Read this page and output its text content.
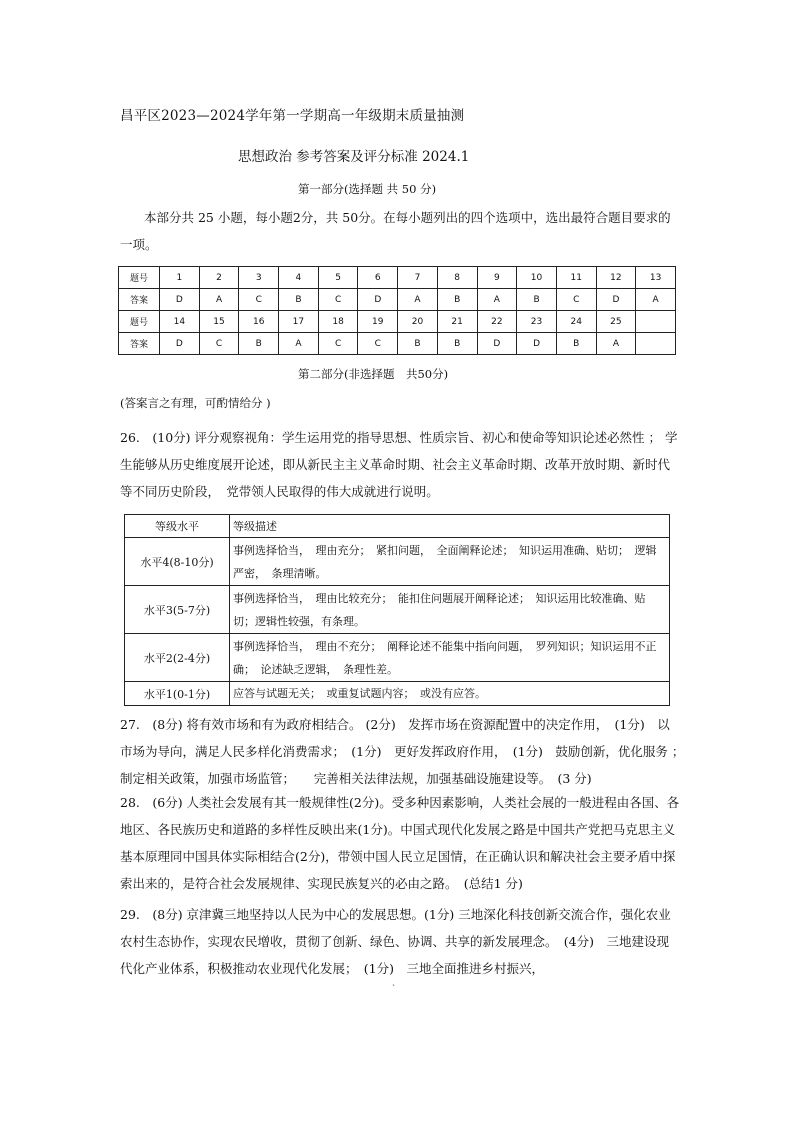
昌平区2023—2024学年第一学期高一年级期末质量抽测
思想政治 参考答案及评分标准 2024.1
第一部分(选择题 共 50 分)
本部分共 25 小题，每小题2分，共 50分。在每小题列出的四个选项中，选出最符合题目要求的一项。
题号	1	2	3	4	5	6	7	8	9	10	11	12	13
答案	D	A	C	B	C	D	A	B	A	B	C	D	A
题号	14	15	16	17	18	19	20	21	22	23	24	25	
答案	D	C	B	A	C	C	B	B	D	D	B	A	
第二部分(非选择题　共50分)
(答案言之有理，可酌情给分 )
26.　(10分) 评分观察视角：学生运用党的指导思想、性质宗旨、初心和使命等知识论述必然性 ； 学生能够从历史维度展开论述，即从新民主主义革命时期、社会主义革命时期、改革开放时期、新时代等不同历史阶段，　党带领人民取得的伟大成就进行说明。
等级水平	等级描述
水平4(8-10分)	事例选择恰当，　理由充分；　紧扣问题，　全面阐释论述；　知识运用准确、贴切；　逻辑严密，　条理清晰。
水平3(5-7分)	事例选择恰当，　理由比较充分；　能扣住问题展开阐释论述；　知识运用比较准确、贴切；逻辑性较强，有条理。
水平2(2-4分)	事例选择恰当，　理由不充分；　阐释论述不能集中指向问题，　罗列知识；知识运用不正确；　论述缺乏逻辑，　条理性差。
水平1(0-1分)	应答与试题无关；　或重复试题内容；　或没有应答。
27.　(8分) 将有效市场和有为政府相结合。 (2分)　发挥市场在资源配置中的决定作用，　(1分)　以市场为导向，满足人民多样化消费需求；　(1分)　更好发挥政府作用，　(1分)　鼓励创新，优化服务 ；　制定相关政策，加强市场监管；　　完善相关法律法规，加强基础设施建设等。　(3 分)
28.　(6分) 人类社会发展有其一般规律性(2分)。受多种因素影响，人类社会展的一般进程由各国、各地区、各民族历史和道路的多样性反映出来(1分)。中国式现代化发展之路是中国共产党把马克思主义基本原理同中国具体实际相结合(2分)，带领中国人民立足国情，在正确认识和解决社会主要矛盾中探索出来的，是符合社会发展规律、实现民族复兴的必由之路。　(总结1 分)
29.　(8分) 京津冀三地坚持以人民为中心的发展思想。(1分) 三地深化科技创新交流合作，强化农业农村生态协作，实现农民增收，贯彻了创新、绿色、协调、共享的新发展理念。　(4分)　三地建设现代化产业体系，积极推动农业现代化发展；　(1分)　三地全面推进乡村振兴，
`
